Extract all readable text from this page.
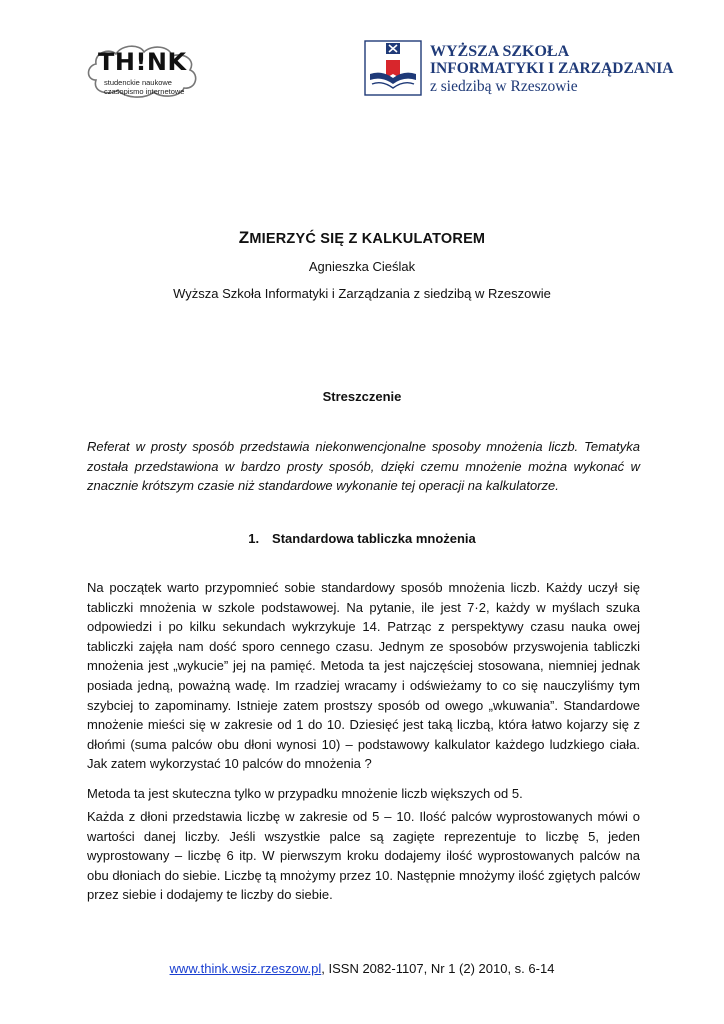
TH!NK
studenckie naukowe
czasopismo internetowe
WYŻSZA SZKOŁA
INFORMATYKI I ZARZĄDZANIA
z siedzibą w Rzeszowie
ZMIERZYĆ SIĘ Z KALKULATOREM
Agnieszka Cieślak
Wyższa Szkoła Informatyki i Zarządzania z siedzibą w Rzeszowie
Streszczenie

Referat w prosty sposób przedstawia niekonwencjonalne sposoby mnożenia liczb. Tematyka została przedstawiona w bardzo prosty sposób, dzięki czemu mnożenie można wykonać w znacznie krótszym czasie niż standardowe wykonanie tej operacji na kalkulatorze.

1. Standardowa tabliczka mnożenia

Na początek warto przypomnieć sobie standardowy sposób mnożenia liczb. Każdy uczył się tabliczki mnożenia w szkole podstawowej. Na pytanie, ile jest 7·2, każdy w myślach szuka odpowiedzi i po kilku sekundach wykrzykuje 14. Patrząc z perspektywy czasu nauka owej tabliczki zajęła nam dość sporo cennego czasu. Jednym ze sposobów przyswojenia tabliczki mnożenia jest „wykucie” jej na pamięć. Metoda ta jest najczęściej stosowana, niemniej jednak posiada jedną, poważną wadę. Im rzadziej wracamy i odświeżamy to co się nauczyliśmy tym szybciej to zapominamy. Istnieje zatem prostszy sposób od owego „wkuwania”. Standardowe mnożenie mieści się w zakresie od 1 do 10. Dziesięć jest taką liczbą, która łatwo kojarzy się z dłońmi (suma palców obu dłoni wynosi 10) – podstawowy kalkulator każdego ludzkiego ciała. Jak zatem wykorzystać 10 palców do mnożenia ?

Metoda ta jest skuteczna tylko w przypadku mnożenie liczb większych od 5.

Każda z dłoni przedstawia liczbę w zakresie od 5 – 10. Ilość palców wyprostowanych mówi o wartości danej liczby. Jeśli wszystkie palce są zagięte reprezentuje to liczbę 5, jeden wyprostowany – liczbę 6 itp. W pierwszym kroku dodajemy ilość wyprostowanych palców na obu dłoniach do siebie. Liczbę tą mnożymy przez 10. Następnie mnożymy ilość zgiętych palców przez siebie i dodajemy te liczby do siebie.

www.think.wsiz.rzeszow.pl, ISSN 2082-1107, Nr 1 (2) 2010, s. 6-14
